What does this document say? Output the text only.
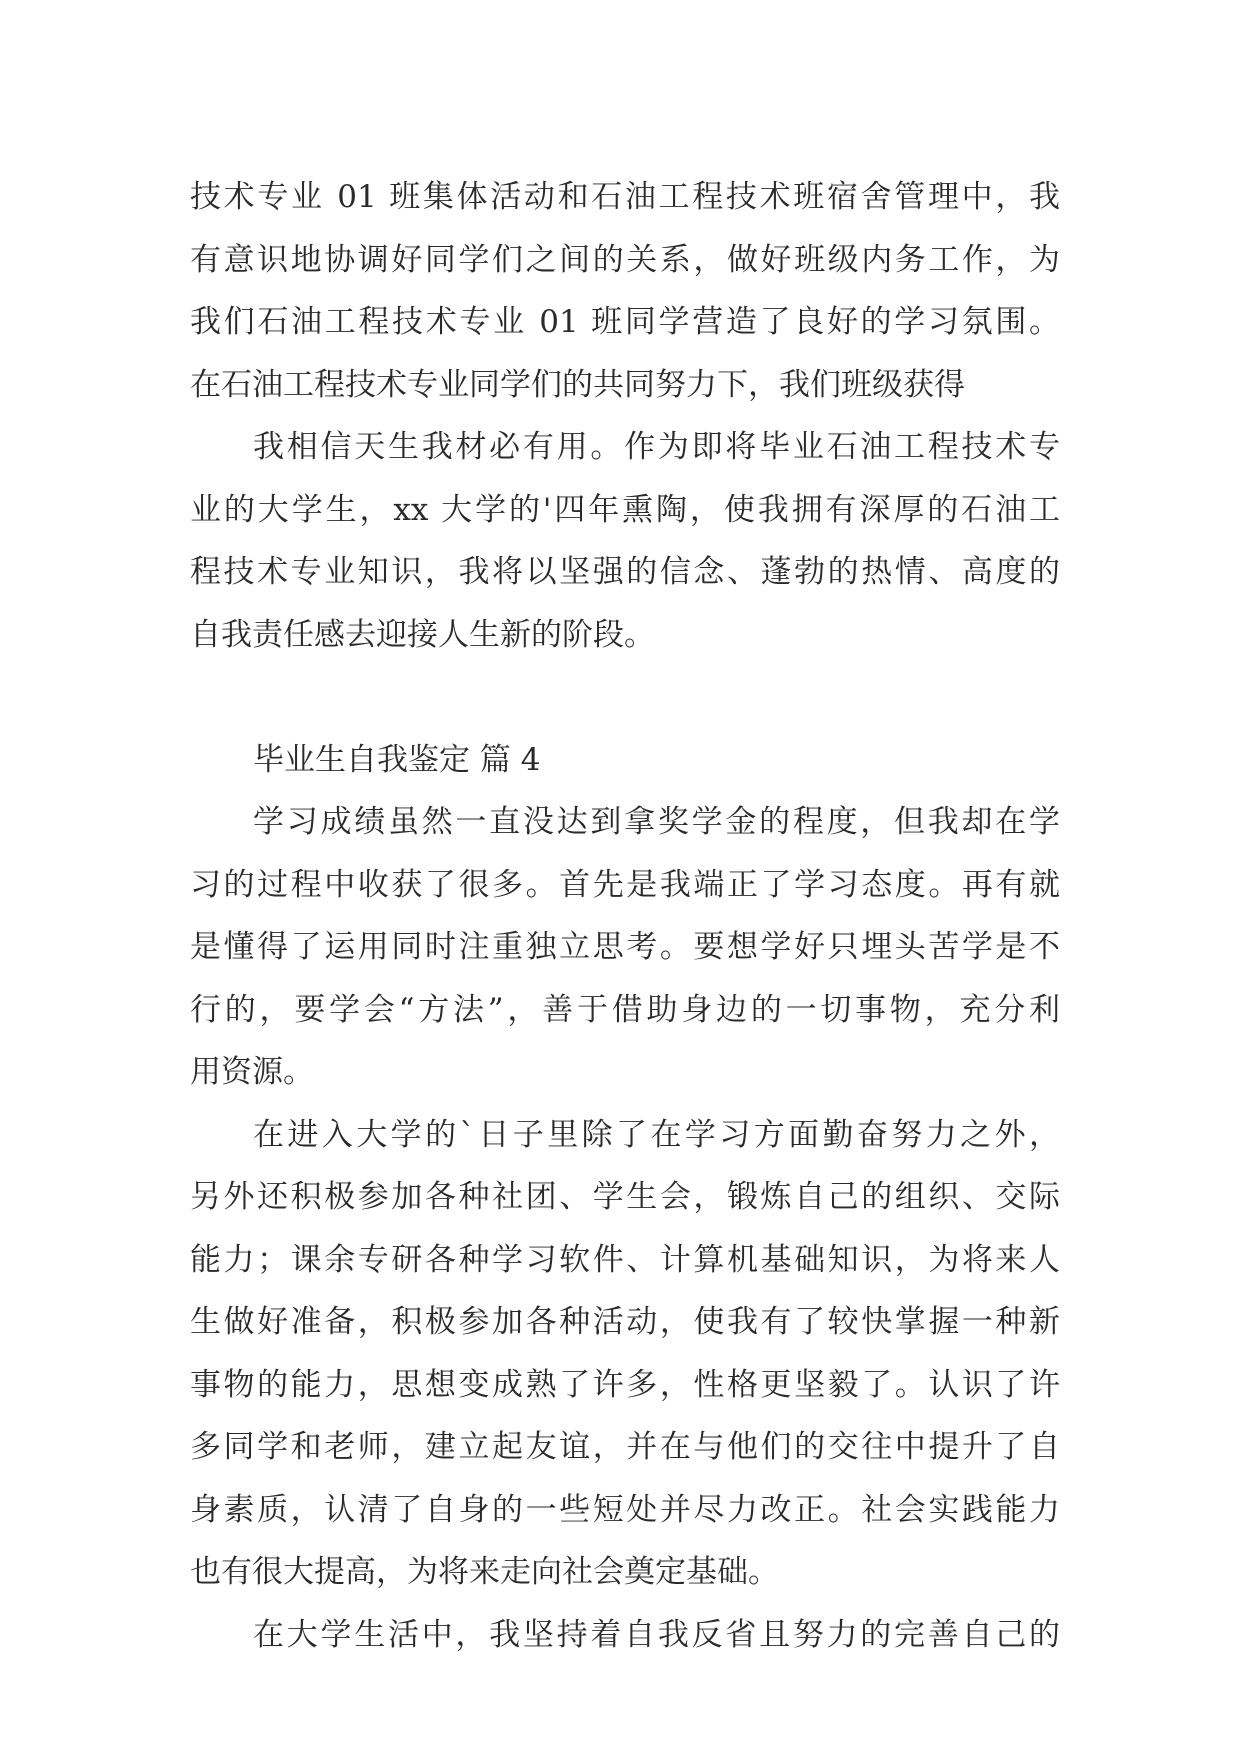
技术专业 01 班集体活动和石油工程技术班宿舍管理中，我
有意识地协调好同学们之间的关系，做好班级内务工作，为
我们石油工程技术专业 01 班同学营造了良好的学习氛围。
在石油工程技术专业同学们的共同努力下，我们班级获得
我相信天生我材必有用。作为即将毕业石油工程技术专
业的大学生，xx 大学的'四年熏陶，使我拥有深厚的石油工
程技术专业知识，我将以坚强的信念、蓬勃的热情、高度的
自我责任感去迎接人生新的阶段。
毕业生自我鉴定 篇 4
学习成绩虽然一直没达到拿奖学金的程度，但我却在学
习的过程中收获了很多。首先是我端正了学习态度。再有就
是懂得了运用同时注重独立思考。要想学好只埋头苦学是不
行的，要学会“方法”，善于借助身边的一切事物，充分利
用资源。
在进入大学的`日子里除了在学习方面勤奋努力之外，
另外还积极参加各种社团、学生会，锻炼自己的组织、交际
能力；课余专研各种学习软件、计算机基础知识，为将来人
生做好准备，积极参加各种活动，使我有了较快掌握一种新
事物的能力，思想变成熟了许多，性格更坚毅了。认识了许
多同学和老师，建立起友谊，并在与他们的交往中提升了自
身素质，认清了自身的一些短处并尽力改正。社会实践能力
也有很大提高，为将来走向社会奠定基础。
在大学生活中，我坚持着自我反省且努力的完善自己的
